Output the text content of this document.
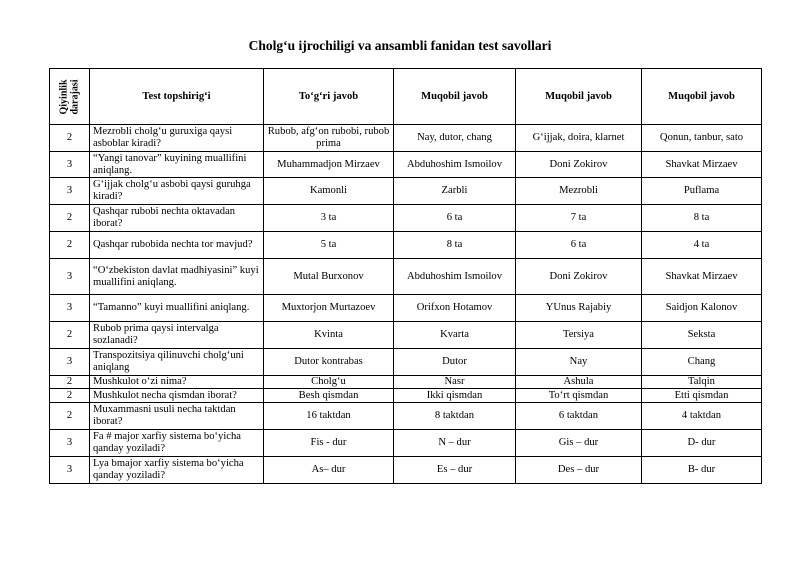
Cholg‘u ijrochiligi va ansambli fanidan test savollari
Qiyinlik
darajasi	Test topshirig‘i	To‘g‘ri javob	Muqobil javob	Muqobil javob	Muqobil javob
2	Mezrobli cholg‘u guruxiga qaysi asboblar kiradi?	Rubob, afg‘on rubobi, rubob prima	Nay, dutor, chang	G‘ijjak, doira, klarnet	Qonun, tanbur, sato
3	“Yangi tanovar” kuyining muallifini aniqlang.	Muhammadjon Mirzaev	Abduhoshim Ismoilov	Doni Zokirov	Shavkat Mirzaev
3	G‘ijjak cholg‘u asbobi qaysi guruhga kiradi?	Kamonli	Zarbli	Mezrobli	Puflama
2	Qashqar rubobi nechta oktavadan iborat?	3 ta	6 ta	7 ta	8 ta
2	Qashqar rubobida nechta tor mavjud?	5 ta	8 ta	6 ta	4 ta
3	“O‘zbekiston davlat madhiyasini” kuyi muallifini aniqlang.	Mutal Burxonov	Abduhoshim Ismoilov	Doni Zokirov	Shavkat Mirzaev
3	“Tamanno” kuyi muallifini aniqlang.	Muxtorjon Murtazoev	Orifxon Hotamov	YUnus Rajabiy	Saidjon Kalonov
2	Rubob prima qaysi intervalga sozlanadi?	Kvinta	Kvarta	Tersiya	Seksta
3	Transpozitsiya qilinuvchi cholg‘uni aniqlang	Dutor kontrabas	Dutor	Nay	Chang
2	Mushkulot o‘zi nima?	Cholg‘u	Nasr	Ashula	Talqin
2	Mushkulot necha qismdan iborat?	Besh qismdan	Ikki qismdan	To‘rt qismdan	Etti qismdan
2	Muxammasni usuli necha taktdan iborat?	16 taktdan	8 taktdan	6 taktdan	4 taktdan
3	Fa # major xarfiy sistema bo‘yicha qanday yoziladi?	Fis - dur	N – dur	Gis – dur	D- dur
3	Lya bmajor xarfiy sistema bo‘yicha qanday yoziladi?	As– dur	Es – dur	Des – dur	B- dur
